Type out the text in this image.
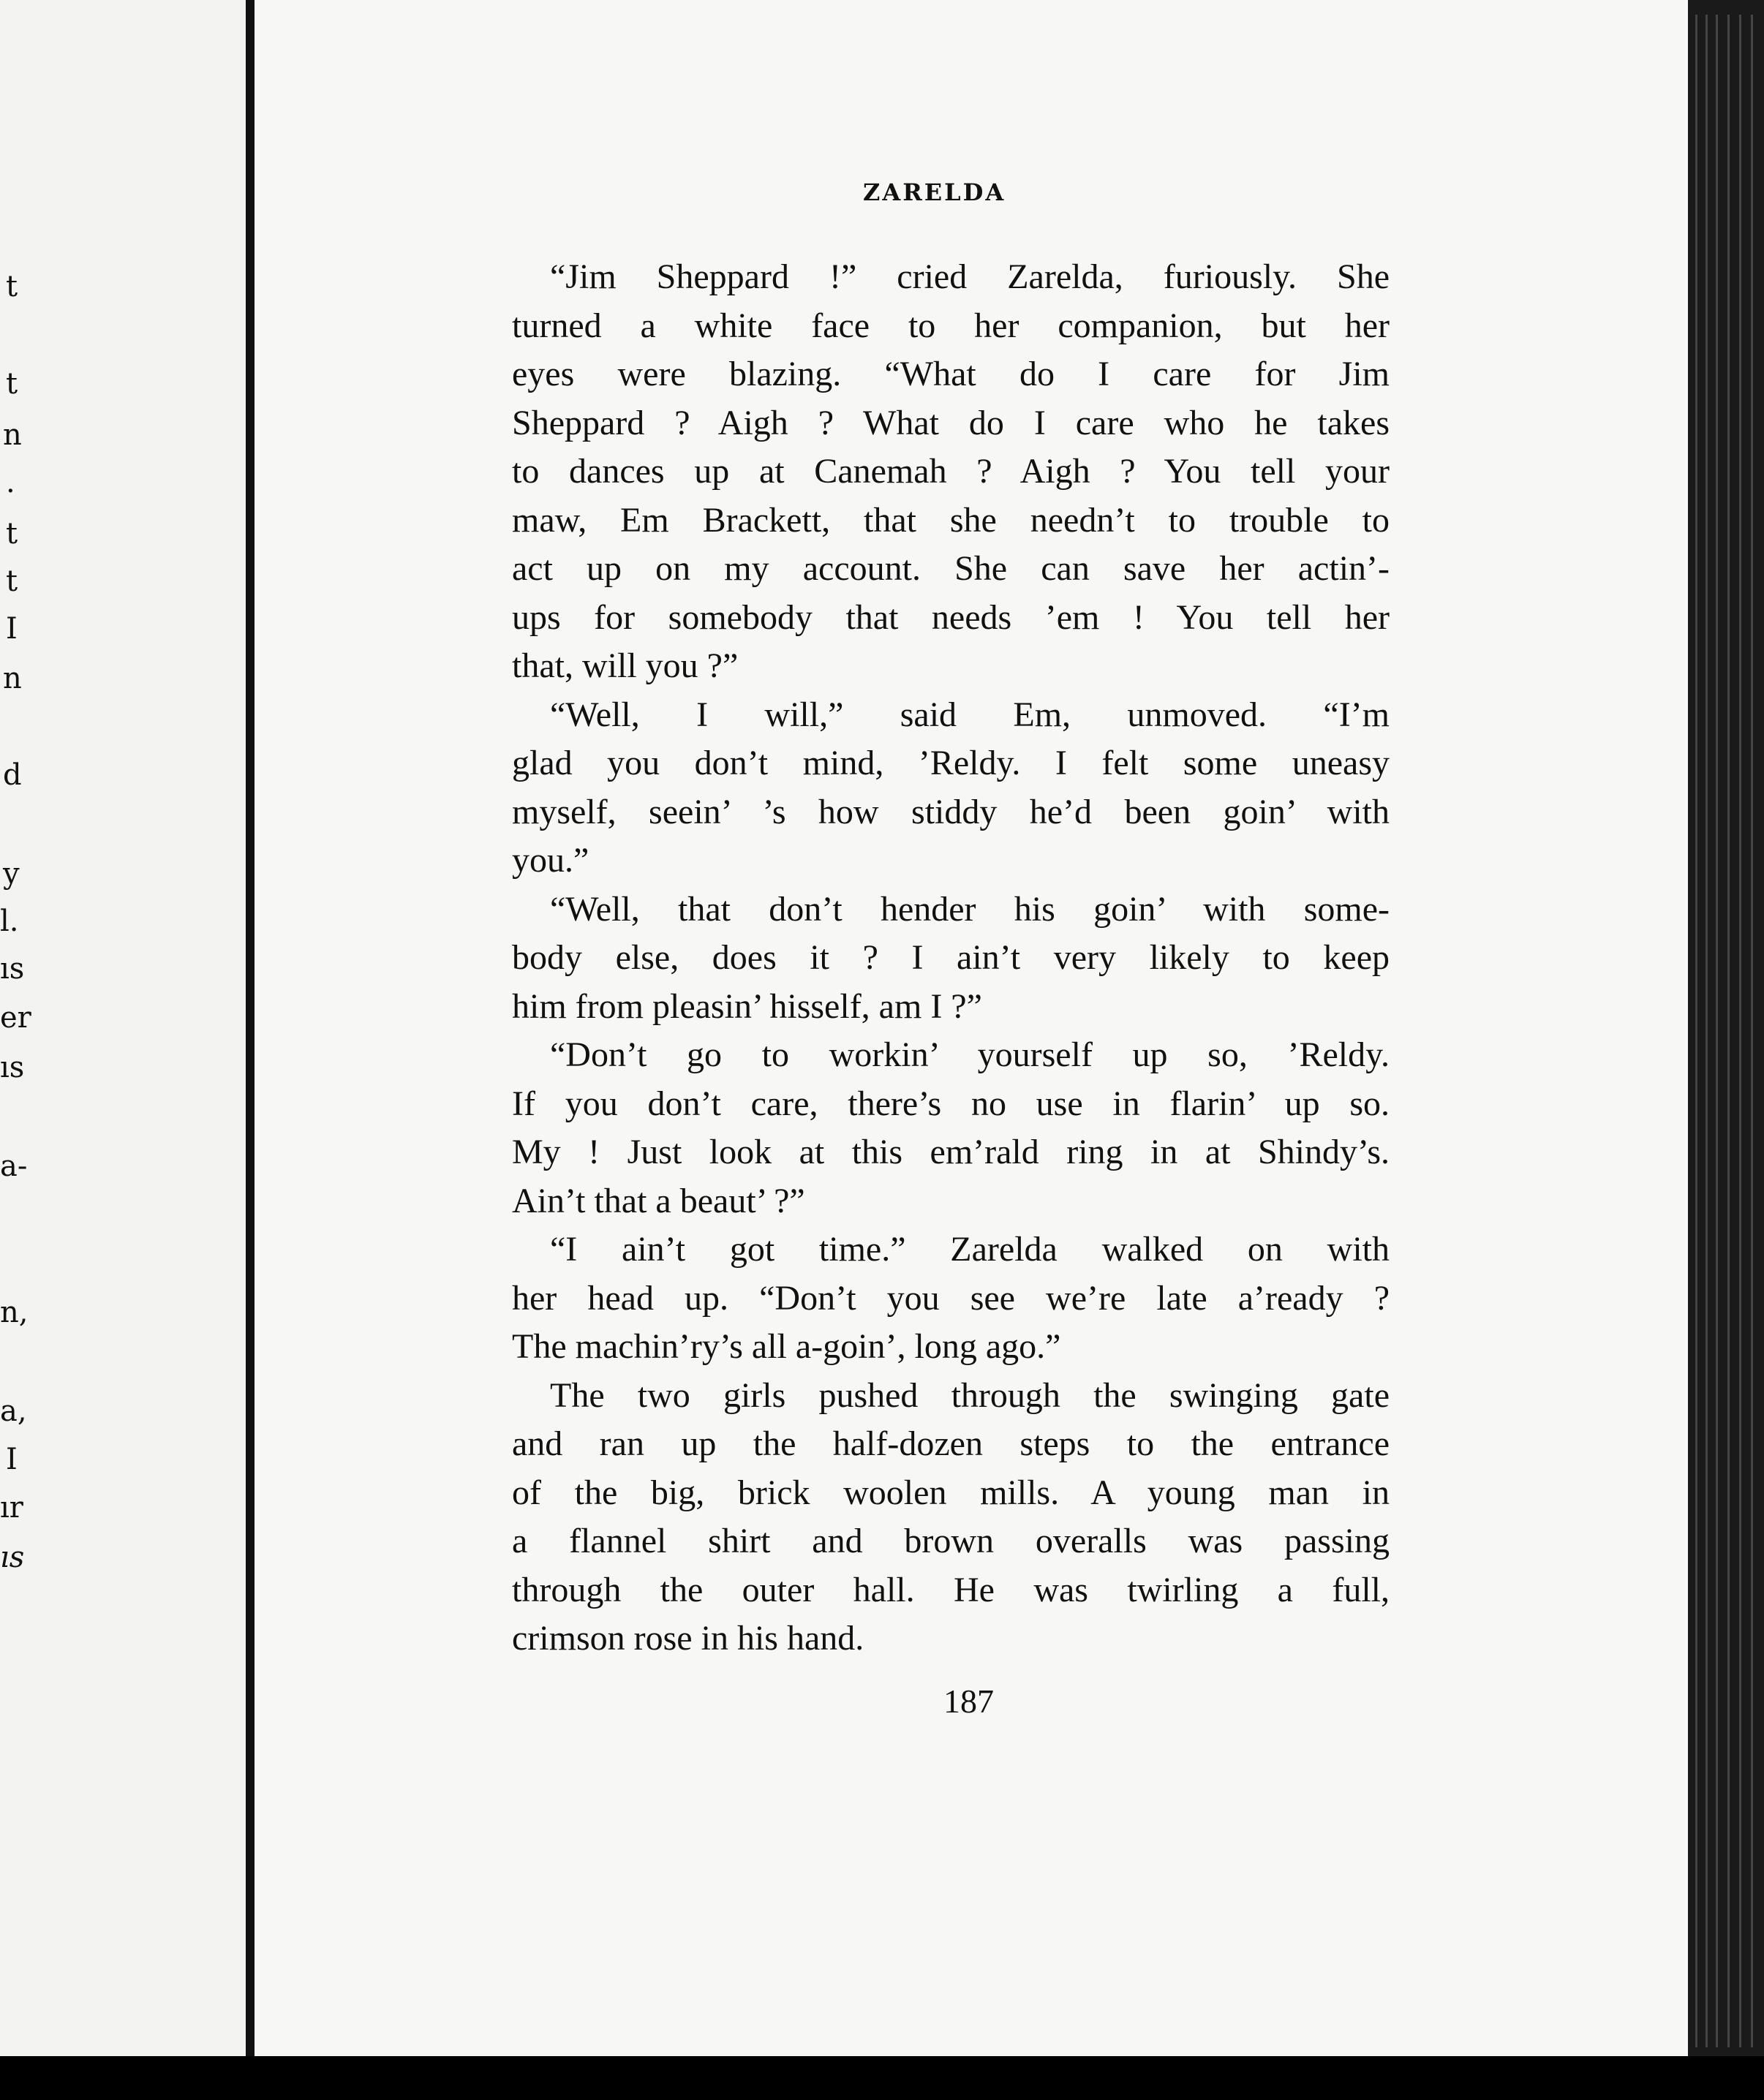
t
t
n
.
t
t
I
n
d
y
l.
ıs
er
ıs
a-
n,
a,
I
ır
ıs
ZARELDA
“Jim Sheppard !” cried Zarelda, furiously. She
turned a white face to her companion, but her
eyes were blazing. “What do I care for Jim
Sheppard ? Aigh ? What do I care who he takes
to dances up at Canemah ? Aigh ? You tell your
maw, Em Brackett, that she needn’t to trouble to
act up on my account. She can save her actin’-
ups for somebody that needs ’em ! You tell her
that, will you ?”
“Well, I will,” said Em, unmoved. “I’m
glad you don’t mind, ’Reldy. I felt some uneasy
myself, seein’ ’s how stiddy he’d been goin’ with
you.”
“Well, that don’t hender his goin’ with some-
body else, does it ? I ain’t very likely to keep
him from pleasin’ hisself, am I ?”
“Don’t go to workin’ yourself up so, ’Reldy.
If you don’t care, there’s no use in flarin’ up so.
My ! Just look at this em’rald ring in at Shindy’s.
Ain’t that a beaut’ ?”
“I ain’t got time.” Zarelda walked on with
her head up. “Don’t you see we’re late a’ready ?
The machin’ry’s all a-goin’, long ago.”
The two girls pushed through the swinging gate
and ran up the half-dozen steps to the entrance
of the big, brick woolen mills. A young man in
a flannel shirt and brown overalls was passing
through the outer hall. He was twirling a full,
crimson rose in his hand.
187
